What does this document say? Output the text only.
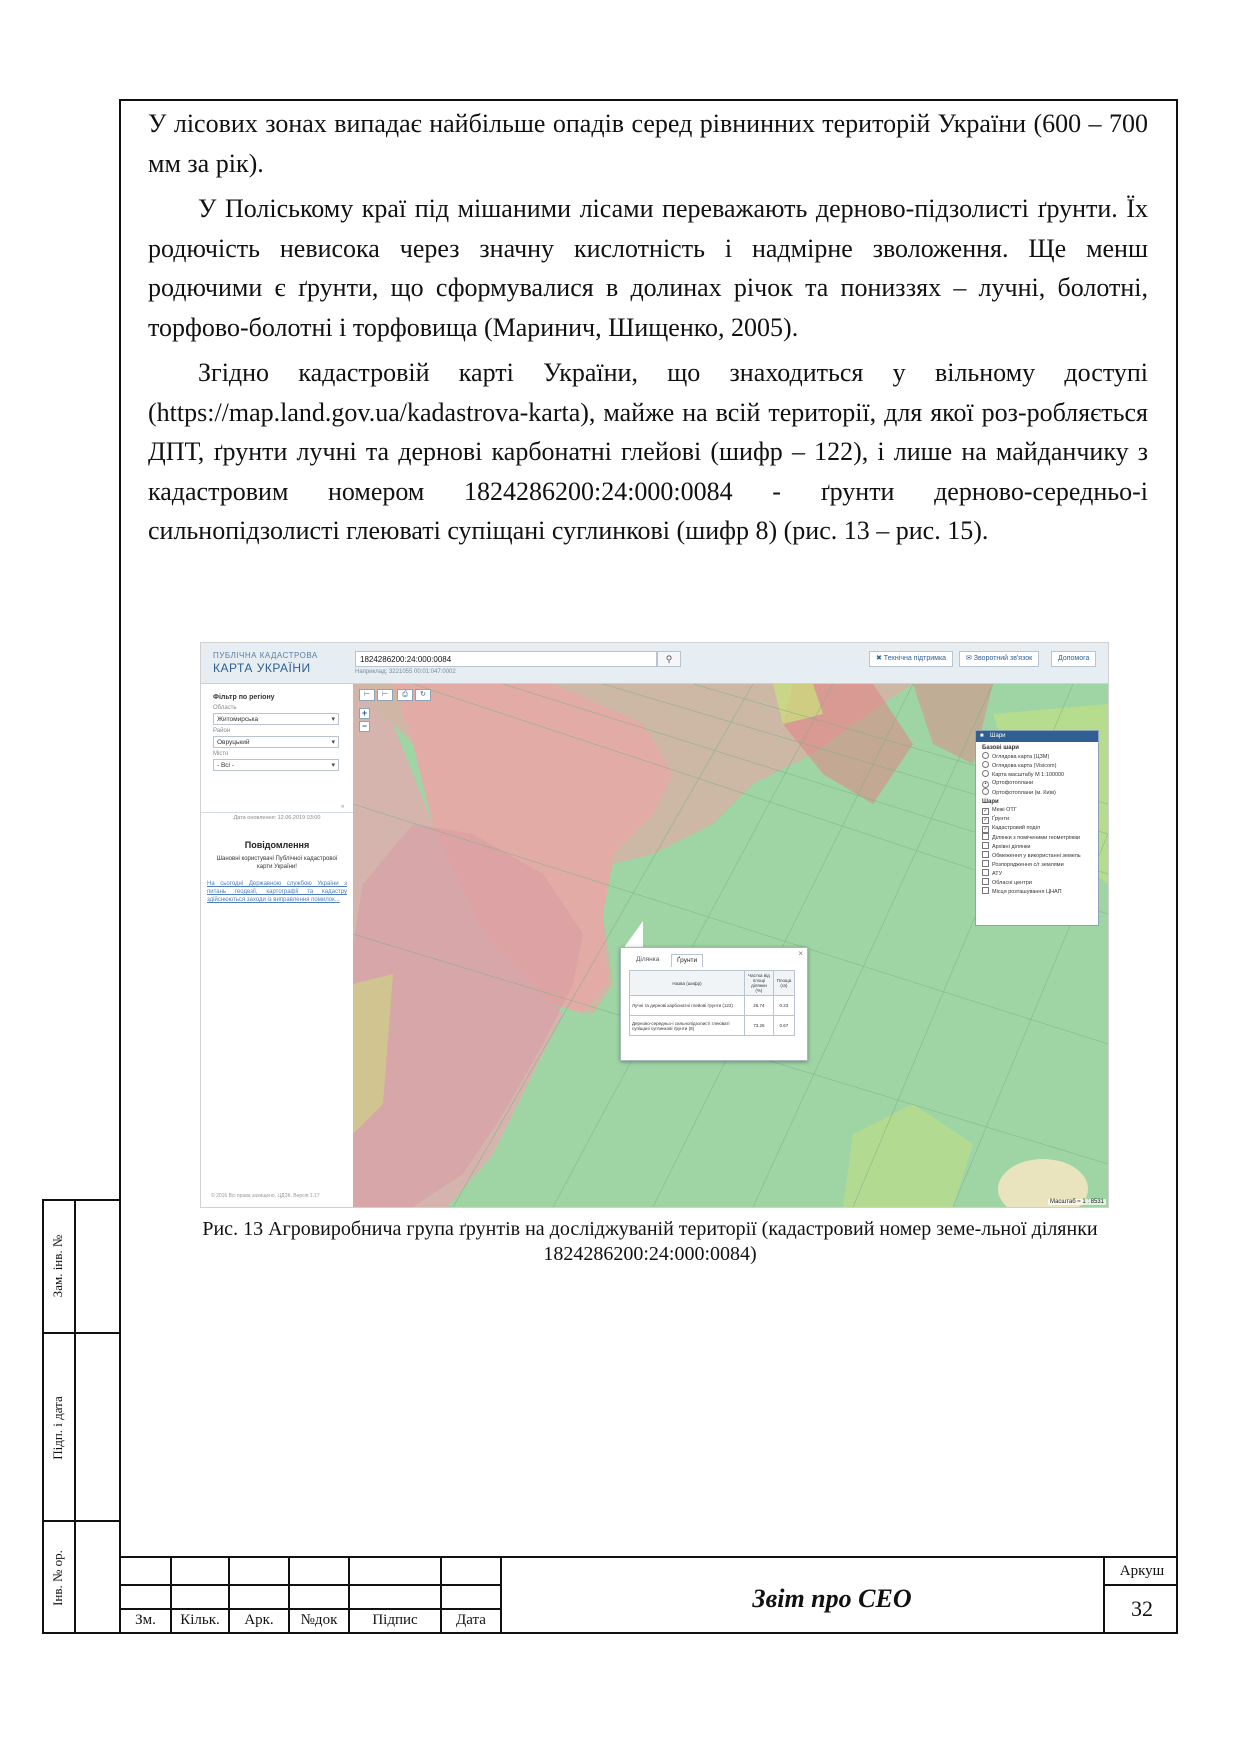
У лісових зонах випадає найбільше опадів серед рівнинних територій України (600 – 700 мм за рік).

У Поліському краї під мішаними лісами переважають дерново-підзолисті ґрунти. Їх родючість невисока через значну кислотність і надмірне зволоження. Ще менш родючими є ґрунти, що сформувалися в долинах річок та пониззях – лучні, болотні, торфово-болотні і торфовища (Маринич, Шищенко, 2005).

Згідно кадастровій карті України, що знаходиться у вільному доступі (https://map.land.gov.ua/kadastrova-karta), майже на всій території, для якої роз-робляється ДПТ, ґрунти лучні та дернові карбонатні глейові (шифр – 122), і лише на майданчику з кадастровим номером 1824286200:24:000:0084 - ґрунти дерново-середньо-і сильнопідзолисті глеюваті супіщані суглинкові (шифр 8) (рис. 13 – рис. 15).

ПУБЛІЧНА КАДАСТРОВА
КАРТА УКРАЇНИ
1824286200:24:000:0084	⚲
Наприклад: 3221055 00:01:047:0002
✖ Технічна підтримка	✉ Зворотний зв'язок	Допомога
Фільтр по регіону
Область
Житомирська ▾
Район
Овруцький ▾
Місто
- Всі - ▾
«
Дата оновлення: 12.06.2019 03:00
Повідомлення
Шановні користувачі Публічної кадастрової карти України!
На сьогодні Державною службою України з питань геодезії, картографії та кадастру здійснюються заходи із виправлення помилок...
© 2016 Всі права захищено. ЦДЗК. Версія 1.17
⊢	⊢	⎙	↻
+
−
■ Шари
Базові шари
Оглядова карта (ЦЗМ)
Оглядова карта (Visicom)
Карта масштабу М 1:100000
• Ортофотоплани
Ортофотоплани (м. Київ)
Шари
✓ Межі ОТГ
✓ Ґрунти
✓ Кадастровий поділ
Ділянки з поміченими геометріями
Архівні ділянки
Обмеження у використанні земель
Розпорядження с/г землями
АТУ
Обласні центри
Місця розташування ЦНАП
×
Ділянка	Ґрунти
Назва (шифр)	Частка від площі ділянки (%)	Площа (га)
Лучні та дернові карбонатні глейові ґрунти (122)	26.74	0.23
Дерново-середньо-і сильнопідзолисті глеюваті супіщані суглинкові ґрунти (8)	73.26	0.67
Масштаб ≈ 1 : 8531
Рис. 13 Агровиробнича група ґрунтів на досліджуваній території (кадастровий номер земе-льної ділянки 1824286200:24:000:0084)
Зам. інв. №
Підп. і дата
Інв. № ор.
Зм.	Кільк.	Арк.	№док	Підпис	Дата
Звіт про СЕО
Аркуш
32
